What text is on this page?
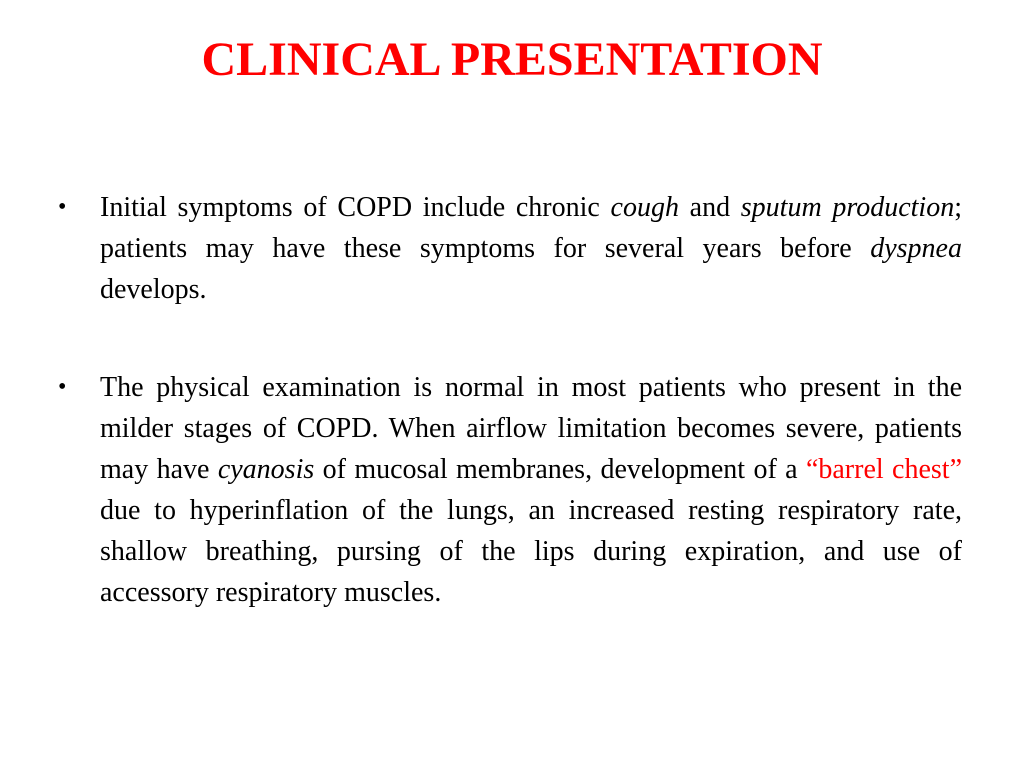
CLINICAL PRESENTATION
•	Initial symptoms of COPD include chronic cough and sputum production; patients may have these symptoms for several years before dyspnea develops.
•	The physical examination is normal in most patients who present in the milder stages of COPD. When airflow limitation becomes severe, patients may have cyanosis of mucosal membranes, development of a “barrel chest” due to hyperinflation of the lungs, an increased resting respiratory rate, shallow breathing, pursing of the lips during expiration, and use of accessory respiratory muscles.
